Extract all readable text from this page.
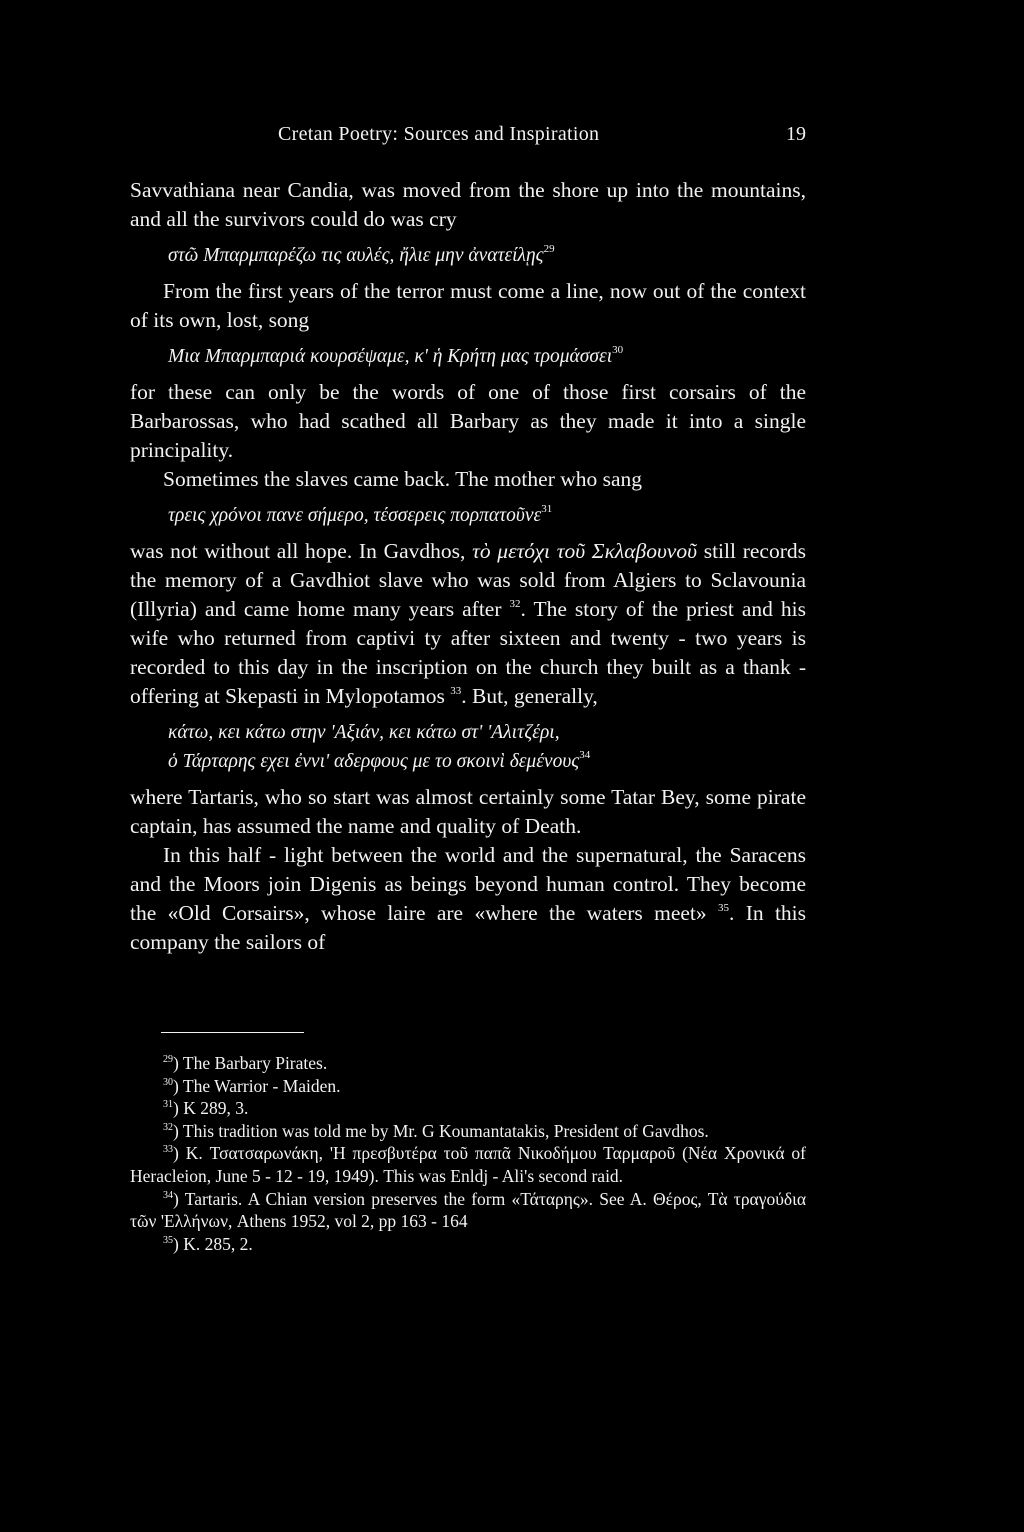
Cretan Poetry: Sources and Inspiration	19

Savvathiana near Candia, was moved from the shore up into the mountains, and all the survivors could do was cry

στῶ Μπαρμπαρέζω τις αυλές, ἤλιε μην ἀνατείλῃς$^{29}$

From the first years of the terror must come a line, now out of the context of its own, lost, song

Μια Μπαρμπαριά κουρσέψαμε, κ' ἡ Κρήτη μας τρομάσσει$^{30}$

for these can only be the words of one of those first corsairs of the Barbarossas, who had scathed all Barbary as they made it into a single principality.

Sometimes the slaves came back. The mother who sang

τρεις χρόνοι πανε σήμερο, τέσσερεις πορπατοῦνε$^{31}$

was not without all hope. In Gavdhos, τὸ μετόχι τοῦ Σκλαβουνοῦ still records the memory of a Gavdhiot slave who was sold from Algiers to Sclavounia (Illyria) and came home many years after $^{32}$. The story of the priest and his wife who returned from captivi ty after sixteen and twenty - two years is recorded to this day in the inscription on the church they built as a thank - offering at Skepasti in Mylopotamos $^{33}$. But, generally,

κάτω, κει κάτω στην 'Αξιάν, κει κάτω στ' 'Αλιτζέρι,
ὁ Τάρταρης εχει ἐννι' αδερφους με το σκοινὶ δεμένους$^{34}$

where Tartaris, who so start was almost certainly some Tatar Bey, some pirate captain, has assumed the name and quality of Death.

In this half - light between the world and the supernatural, the Saracens and the Moors join Digenis as beings beyond human control. They become the «Old Corsairs», whose laire are «where the waters meet» $^{35}$. In this company the sailors of

$^{29}$) The Barbary Pirates.

$^{30}$) The Warrior - Maiden.

$^{31}$) K 289, 3.

$^{32}$) This tradition was told me by Mr. G Koumantatakis, President of Gavdhos.

$^{33}$) K. Τσατσαρωνάκη, 'Η πρεσβυτέρα τοῦ παπᾶ Νικοδήμου Ταρμαροῦ (Νέα Χρονικά of Heracleion, June 5 - 12 - 19, 1949). This was Enldj - Ali's second raid.

$^{34}$) Tartaris. A Chian version preserves the form «Τάταρης». See A. Θέρος, Τὰ τραγούδια τῶν 'Ελλήνων, Athens 1952, vol 2, pp 163 - 164

$^{35}$) K. 285, 2.
